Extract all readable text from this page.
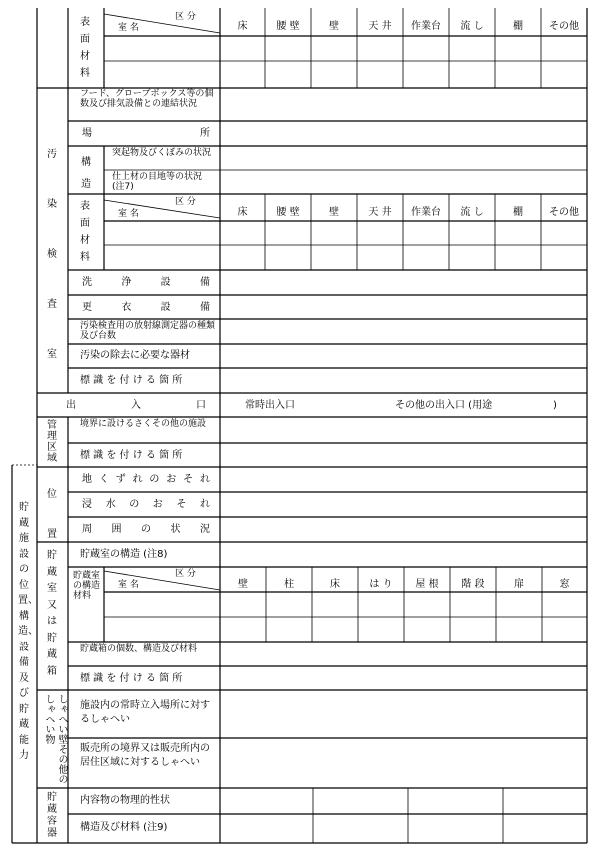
表面材料
区 分
室 名	床	腰 壁	壁	天 井	作業台	流 し	棚	その他
汚染検査室
フード、グローブボックス等の個数及び排気設備との連結状況
場 所
構造
突起物及びくぼみの状況
仕上材の目地等の状況 (注7)
表面材料
区 分
室 名	床	腰 壁	壁	天 井	作業台	流 し	棚	その他
洗 浄 設 備
更 衣 設 備
汚染検査用の放射線測定器の種類及び台数
汚染の除去に必要な器材
標 識 を 付 け る 箇 所
出 入 口	常時出入口	その他の出入口 (用途	)
管理区域
境界に設けるさくその他の施設
標 識 を 付 け る 箇 所
貯蔵施設の位置、構造、設備及び貯蔵能力
位置
地くずれのおそれ
浸 水 の お そ れ
周 囲 の 状 況
貯蔵室又は貯蔵箱
貯蔵室の構造 (注8)
貯蔵室の構造材料
区 分
室 名	壁	柱	床	は り	屋 根	階 段	扉	窓
貯蔵箱の個数、構造及び材料
標 識 を 付 け る 箇 所
しゃへい壁その他のしゃへい物	施設内の常時立入場所に対するしゃへい
販売所の境界又は販売所内の居住区域に対するしゃへい
貯蔵容器
内容物の物理的性状
構造及び材料 (注9)
